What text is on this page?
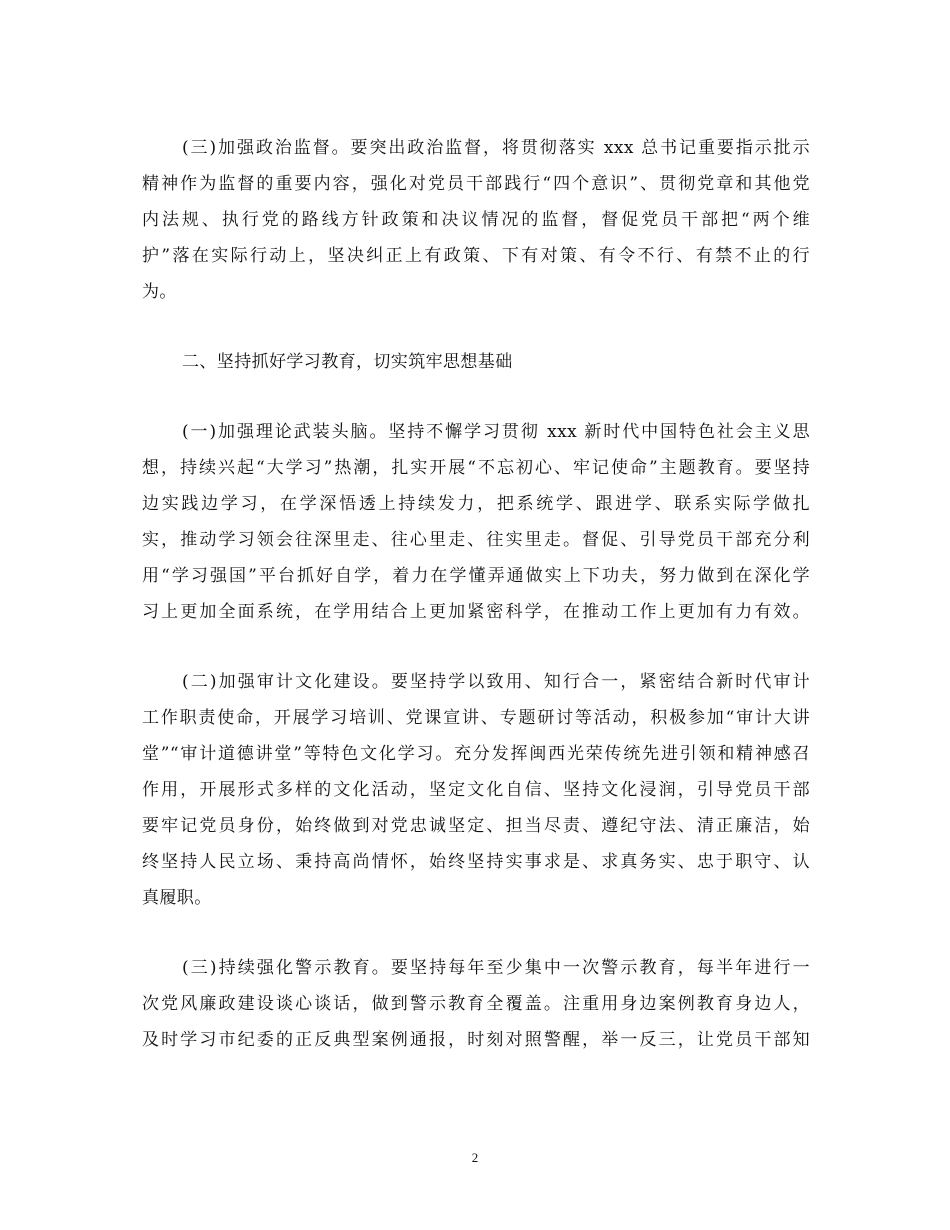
(三)加强政治监督。要突出政治监督，将贯彻落实 xxx 总书记重要指示批示
精神作为监督的重要内容，强化对党员干部践行“四个意识”、贯彻党章和其他党
内法规、执行党的路线方针政策和决议情况的监督，督促党员干部把“两个维
护”落在实际行动上，坚决纠正上有政策、下有对策、有令不行、有禁不止的行
为。
二、坚持抓好学习教育，切实筑牢思想基础
(一)加强理论武装头脑。坚持不懈学习贯彻 xxx 新时代中国特色社会主义思
想，持续兴起“大学习”热潮，扎实开展“不忘初心、牢记使命”主题教育。要坚持
边实践边学习，在学深悟透上持续发力，把系统学、跟进学、联系实际学做扎
实，推动学习领会往深里走、往心里走、往实里走。督促、引导党员干部充分利
用“学习强国”平台抓好自学，着力在学懂弄通做实上下功夫，努力做到在深化学
习上更加全面系统，在学用结合上更加紧密科学，在推动工作上更加有力有效。
(二)加强审计文化建设。要坚持学以致用、知行合一，紧密结合新时代审计
工作职责使命，开展学习培训、党课宣讲、专题研讨等活动，积极参加“审计大讲
堂”“审计道德讲堂”等特色文化学习。充分发挥闽西光荣传统先进引领和精神感召
作用，开展形式多样的文化活动，坚定文化自信、坚持文化浸润，引导党员干部
要牢记党员身份，始终做到对党忠诚坚定、担当尽责、遵纪守法、清正廉洁，始
终坚持人民立场、秉持高尚情怀，始终坚持实事求是、求真务实、忠于职守、认
真履职。
(三)持续强化警示教育。要坚持每年至少集中一次警示教育，每半年进行一
次党风廉政建设谈心谈话，做到警示教育全覆盖。注重用身边案例教育身边人，
及时学习市纪委的正反典型案例通报，时刻对照警醒，举一反三，让党员干部知
2
